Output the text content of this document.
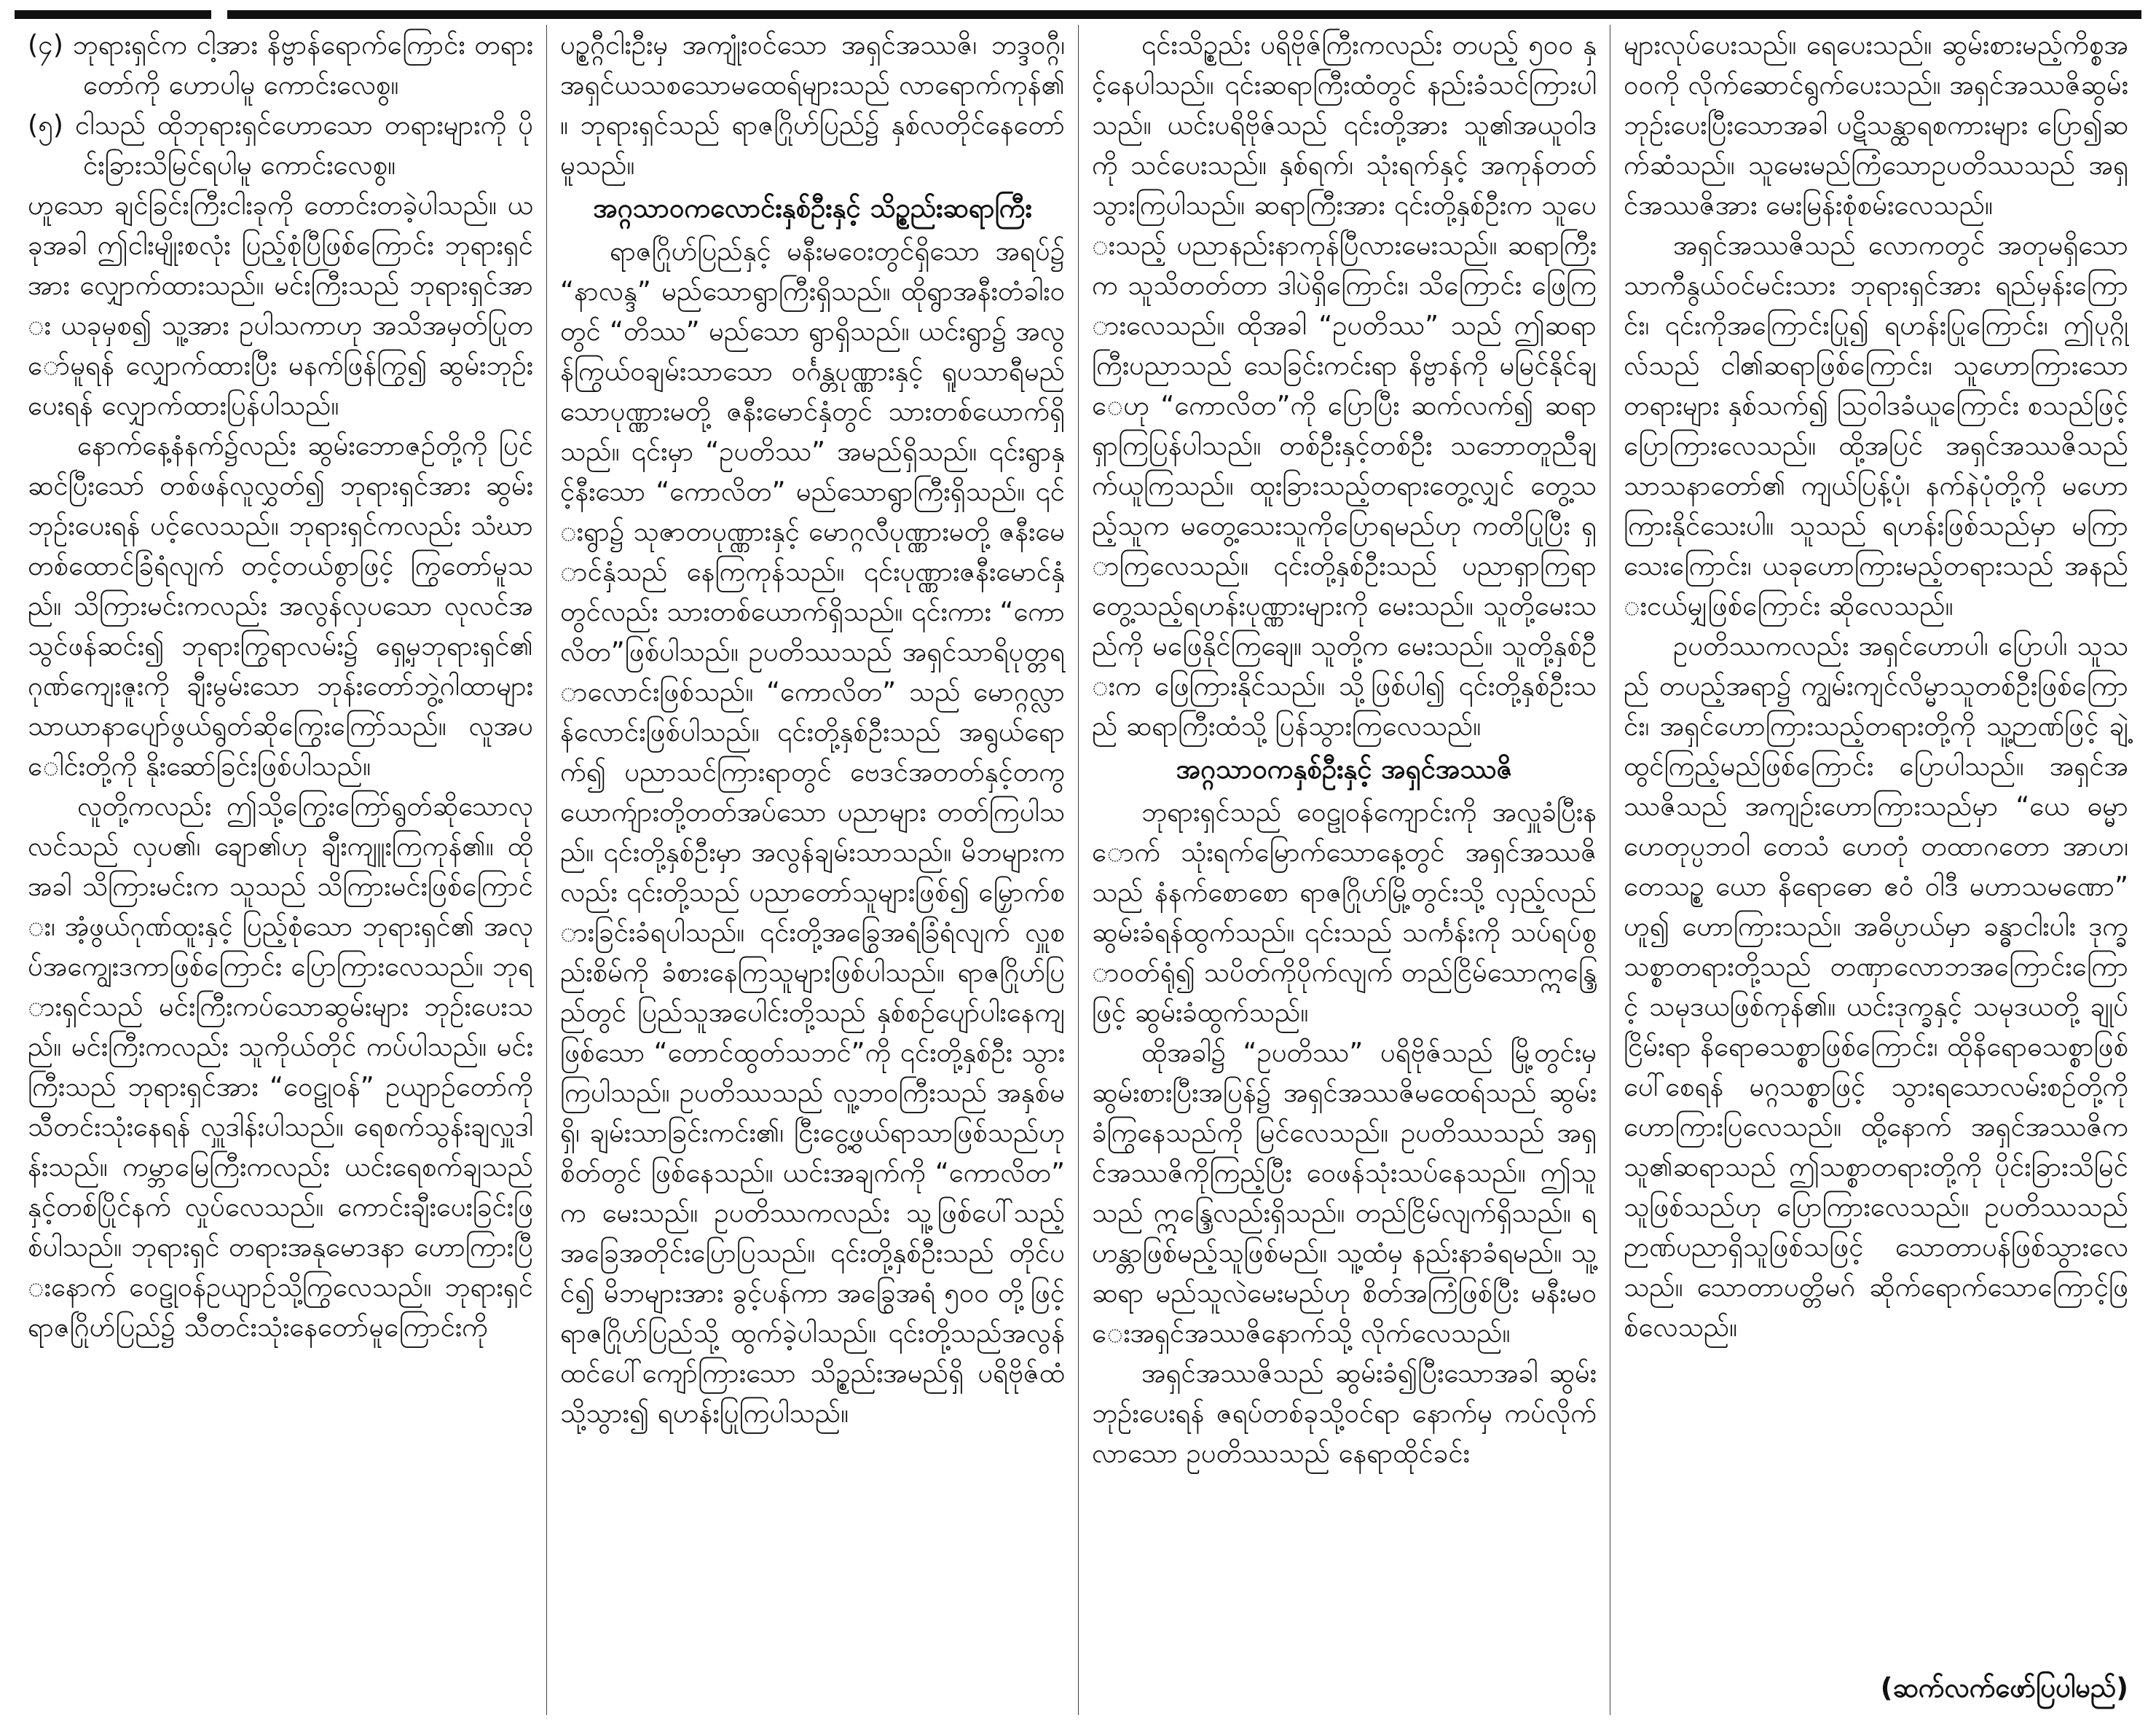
(၄) ဘုရားရှင်က ငါ့အား နိဗ္ဗာန်ရောက်ကြောင်း တရားတော်ကို ဟောပါမူ ကောင်းလေစွ။

(၅) ငါသည် ထိုဘုရားရှင်ဟောသော တရားများကို ပိုင်းခြားသိမြင်ရပါမူ ကောင်းလေစွ။

ဟူသော ချင်ခြင်းကြီးငါးခုကို တောင်းတခဲ့ပါသည်။ ယခုအခါ ဤငါးမျိုးစလုံး ပြည့်စုံပြီဖြစ်ကြောင်း ဘုရားရှင်အား လျှောက်ထားသည်။ မင်းကြီးသည် ဘုရားရှင်အား ယခုမှစ၍ သူ့အား ဥပါသကာဟု အသိအမှတ်ပြုတော်မူရန် လျှောက်ထားပြီး မနက်ဖြန်ကြွ၍ ဆွမ်းဘုဉ်းပေးရန် လျှောက်ထားပြန်ပါသည်။

နောက်နေ့နံနက်၌လည်း ဆွမ်းဘောဇဉ်တို့ကို ပြင်ဆင်ပြီးသော် တစ်ဖန်လူလွှတ်၍ ဘုရားရှင်အား ဆွမ်းဘုဉ်းပေးရန် ပင့်လေသည်။ ဘုရားရှင်ကလည်း သံဃာတစ်ထောင်ခြံရံလျက် တင့်တယ်စွာဖြင့် ကြွတော်မူသည်။ သိကြားမင်းကလည်း အလွန်လှပသော လုလင်အသွင်ဖန်ဆင်း၍ ဘုရားကြွရာလမ်း၌ ရှေ့မှဘုရားရှင်၏ ဂုဏ်ကျေးဇူးကို ချီးမွမ်းသော ဘုန်းတော်ဘွဲ့ဂါထာများ သာယာနာပျော်ဖွယ်ရွတ်ဆိုကြွေးကြော်သည်။ လူအပေါင်းတို့ကို နိုးဆော်ခြင်းဖြစ်ပါသည်။

လူတို့ကလည်း ဤသို့ကြွေးကြော်ရွတ်ဆိုသောလုလင်သည် လှပ၏၊ ချော၏ဟု ချီးကျူးကြကုန်၏။ ထိုအခါ သိကြားမင်းက သူသည် သိကြားမင်းဖြစ်ကြောင်း၊ အံ့ဖွယ်ဂုဏ်ထူးနှင့် ပြည့်စုံသော ဘုရားရှင်၏ အလုပ်အကျွေးဒကာဖြစ်ကြောင်း ပြောကြားလေသည်။ ဘုရားရှင်သည် မင်းကြီးကပ်သောဆွမ်းများ ဘုဉ်းပေးသည်။ မင်းကြီးကလည်း သူကိုယ်တိုင် ကပ်ပါသည်။ မင်းကြီးသည် ဘုရားရှင်အား “ဝေဠုဝန်” ဥယျာဉ်တော်ကို သီတင်းသုံးနေရန် လှူဒါန်းပါသည်။ ရေစက်သွန်းချလှူဒါန်းသည်။ ကမ္ဘာမြေကြီးကလည်း ယင်းရေစက်ချသည်နှင့်တစ်ပြိုင်နက် လှုပ်လေသည်။ ကောင်းချီးပေးခြင်းဖြစ်ပါသည်။ ဘုရားရှင် တရားအနုမောဒနာ ဟောကြားပြီးနောက် ဝေဠုဝန်ဥယျာဉ်သို့ကြွလေသည်။ ဘုရားရှင် ရာဇဂြိုဟ်ပြည်၌ သီတင်းသုံးနေတော်မူကြောင်းကို

ပဥ္စဂ္ဂီငါးဦးမှ အကျုံးဝင်သော အရှင်အဿဇိ၊ ဘဒ္ဒဝဂ္ဂီ၊ အရှင်ယသစသောမထေရ်များသည် လာရောက်ကုန်၏။ ဘုရားရှင်သည် ရာဇဂြိုဟ်ပြည်၌ နှစ်လတိုင်နေတော်မူသည်။

အဂ္ဂသာဝကလောင်းနှစ်ဦးနှင့် သိဉ္စည်းဆရာကြီး

ရာဇဂြိုဟ်ပြည်နှင့် မနီးမဝေးတွင်ရှိသော အရပ်၌ “နာလန္ဒ” မည်သောရွာကြီးရှိသည်။ ထိုရွာအနီးတံခါးဝတွင် “တိဿ” မည်သော ရွာရှိသည်။ ယင်းရွာ၌ အလွန်ကြွယ်ဝချမ်းသာသော ဝင်္ဂန္တပုဏ္ဏားနှင့် ရူပသာရီမည်သောပုဏ္ဏားမတို့ ဇနီးမောင်နှံတွင် သားတစ်ယောက်ရှိသည်။ ၎င်းမှာ “ဥပတိဿ” အမည်ရှိသည်။ ၎င်းရွာနှင့်နီးသော “ကောလိတ” မည်သောရွာကြီးရှိသည်။ ၎င်းရွာ၌ သုဇာတပုဏ္ဏားနှင့် မောဂ္ဂလီပုဏ္ဏားမတို့ ဇနီးမောင်နှံသည် နေကြကုန်သည်။ ၎င်းပုဏ္ဏားဇနီးမောင်နှံတွင်လည်း သားတစ်ယောက်ရှိသည်။ ၎င်းကား “ကောလိတ”ဖြစ်ပါသည်။ ဥပတိဿသည် အရှင်သာရိပုတ္တရာလောင်းဖြစ်သည်။ “ကောလိတ” သည် မောဂ္ဂလ္လာန်လောင်းဖြစ်ပါသည်။ ၎င်းတို့နှစ်ဦးသည် အရွယ်ရောက်၍ ပညာသင်ကြားရာတွင် ဗေဒင်အတတ်နှင့်တကွ ယောက်ျားတို့တတ်အပ်သော ပညာများ တတ်ကြပါသည်။ ၎င်းတို့နှစ်ဦးမှာ အလွန်ချမ်းသာသည်။ မိဘများကလည်း ၎င်းတို့သည် ပညာတော်သူများဖြစ်၍ မြှောက်စားခြင်းခံရပါသည်။ ၎င်းတို့အခြွေအရံခြံရံလျက် လှူစည်းစိမ်ကို ခံစားနေကြသူများဖြစ်ပါသည်။ ရာဇဂြိုဟ်ပြည်တွင် ပြည်သူအပေါင်းတို့သည် နှစ်စဉ်ပျော်ပါးနေကျဖြစ်သော “တောင်ထွတ်သဘင်”ကို ၎င်းတို့နှစ်ဦး သွားကြပါသည်။ ဥပတိဿသည် လူ့ဘဝကြီးသည် အနှစ်မရှိ၊ ချမ်းသာခြင်းကင်း၏၊ ငြီးငွေ့ဖွယ်ရာသာဖြစ်သည်ဟု စိတ်တွင် ဖြစ်နေသည်။ ယင်းအချက်ကို “ကောလိတ” က မေးသည်။ ဥပတိဿကလည်း သူ့ဖြစ်ပေါ်သည့် အခြေအတိုင်းပြောပြသည်။ ၎င်းတို့နှစ်ဦးသည် တိုင်ပင်၍ မိဘများအား ခွင့်ပန်ကာ အခြွေအရံ ၅၀၀ တို့ဖြင့် ရာဇဂြိုဟ်ပြည်သို့ ထွက်ခဲ့ပါသည်။ ၎င်းတို့သည်အလွန်ထင်ပေါ်ကျော်ကြားသော သိဉ္စည်းအမည်ရှိ ပရိဗိုဇ်ထံသို့သွား၍ ရဟန်းပြုကြပါသည်။

၎င်းသိဉ္စည်း ပရိဗိုဇ်ကြီးကလည်း တပည့် ၅၀၀ နှင့်နေပါသည်။ ၎င်းဆရာကြီးထံတွင် နည်းခံသင်ကြားပါသည်။ ယင်းပရိဗိုဇ်သည် ၎င်းတို့အား သူ၏အယူဝါဒကို သင်ပေးသည်။ နှစ်ရက်၊ သုံးရက်နှင့် အကုန်တတ်သွားကြပါသည်။ ဆရာကြီးအား ၎င်းတို့နှစ်ဦးက သူပေးသည့် ပညာနည်းနာကုန်ပြီလားမေးသည်။ ဆရာကြီးက သူသိတတ်တာ ဒါပဲရှိကြောင်း၊ သိကြောင်း ဖြေကြားလေသည်။ ထိုအခါ “ဥပတိဿ” သည် ဤဆရာကြီးပညာသည် သေခြင်းကင်းရာ နိဗ္ဗာန်ကို မမြင်နိုင်ချေဟု “ကောလိတ”ကို ပြောပြီး ဆက်လက်၍ ဆရာရှာကြပြန်ပါသည်။ တစ်ဦးနှင့်တစ်ဦး သဘောတူညီချက်ယူကြသည်။ ထူးခြားသည့်တရားတွေ့လျှင် တွေ့သည့်သူက မတွေ့သေးသူကိုပြောရမည်ဟု ကတိပြုပြီး ရှာကြလေသည်။ ၎င်းတို့နှစ်ဦးသည် ပညာရှာကြရာ တွေ့သည့်ရဟန်းပုဏ္ဏားများကို မေးသည်။ သူတို့မေးသည်ကို မဖြေနိုင်ကြချေ။ သူတို့က မေးသည်။ သူတို့နှစ်ဦးက ဖြေကြားနိုင်သည်။ သို့ဖြစ်ပါ၍ ၎င်းတို့နှစ်ဦးသည် ဆရာကြီးထံသို့ ပြန်သွားကြလေသည်။

အဂ္ဂသာဝကနှစ်ဦးနှင့် အရှင်အဿဇိ

ဘုရားရှင်သည် ဝေဠုဝန်ကျောင်းကို အလှူခံပြီးနောက် သုံးရက်မြောက်သောနေ့တွင် အရှင်အဿဇိသည် နံနက်စောစော ရာဇဂြိုဟ်မြို့တွင်းသို့ လှည့်လည်ဆွမ်းခံရန်ထွက်သည်။ ၎င်းသည် သင်္ကန်းကို သပ်ရပ်စွာဝတ်ရုံ၍ သပိတ်ကိုပိုက်လျက် တည်ငြိမ်သောဣန္ဒြေဖြင့် ဆွမ်းခံထွက်သည်။

ထိုအခါ၌ “ဥပတိဿ” ပရိဗိုဇ်သည် မြို့တွင်းမှ ဆွမ်းစားပြီးအပြန်၌ အရှင်အဿဇိမထေရ်သည် ဆွမ်းခံကြွနေသည်ကို မြင်လေသည်။ ဥပတိဿသည် အရှင်အဿဇိကိုကြည့်ပြီး ဝေဖန်သုံးသပ်နေသည်။ ဤသူသည် ဣန္ဒြေလည်းရှိသည်။ တည်ငြိမ်လျက်ရှိသည်။ ရဟန္တာဖြစ်မည့်သူဖြစ်မည်။ သူ့ထံမှ နည်းနာခံရမည်။ သူ့ဆရာ မည်သူလဲမေးမည်ဟု စိတ်အကြံဖြစ်ပြီး မနီးမဝေးအရှင်အဿဇိနောက်သို့ လိုက်လေသည်။

အရှင်အဿဇိသည် ဆွမ်းခံ၍ပြီးသောအခါ ဆွမ်းဘုဉ်းပေးရန် ဇရပ်တစ်ခုသို့ဝင်ရာ နောက်မှ ကပ်လိုက်လာသော ဥပတိဿသည် နေရာထိုင်ခင်း

များလုပ်ပေးသည်။ ရေပေးသည်။ ဆွမ်းစားမည့်ကိစ္စအဝဝကို လိုက်ဆောင်ရွက်ပေးသည်။ အရှင်အဿဇိဆွမ်းဘုဉ်းပေးပြီးသောအခါ ပဋိသန္ထာရစကားများ ပြော၍ဆက်ဆံသည်။ သူမေးမည်ကြံသောဥပတိဿသည် အရှင်အဿဇိအား မေးမြန်းစုံစမ်းလေသည်။

အရှင်အဿဇိသည် လောကတွင် အတုမရှိသော သာကီနွယ်ဝင်မင်းသား ဘုရားရှင်အား ရည်မှန်းကြောင်း၊ ၎င်းကိုအကြောင်းပြု၍ ရဟန်းပြုကြောင်း၊ ဤပုဂ္ဂိုလ်သည် ငါ၏ဆရာဖြစ်ကြောင်း၊ သူဟောကြားသောတရားများ နှစ်သက်၍ ဩဝါဒခံယူကြောင်း စသည်ဖြင့် ပြောကြားလေသည်။ ထို့အပြင် အရှင်အဿဇိသည် သာသနာတော်၏ ကျယ်ပြန့်ပုံ၊ နက်နဲပုံတို့ကို မဟောကြားနိုင်သေးပါ။ သူသည် ရဟန်းဖြစ်သည်မှာ မကြာသေးကြောင်း၊ ယခုဟောကြားမည့်တရားသည် အနည်းငယ်မျှဖြစ်ကြောင်း ဆိုလေသည်။

ဥပတိဿကလည်း အရှင်ဟောပါ၊ ပြောပါ၊ သူသည် တပည့်အရာ၌ ကျွမ်းကျင်လိမ္မာသူတစ်ဦးဖြစ်ကြောင်း၊ အရှင်ဟောကြားသည့်တရားတို့ကို သူ့ဉာဏ်ဖြင့် ချဲ့ထွင်ကြည့်မည်ဖြစ်ကြောင်း ပြောပါသည်။ အရှင်အဿဇိသည် အကျဉ်းဟောကြားသည်မှာ “ယေ ဓမ္မာ ဟေတုပ္ပဘဝါ တေသံ ဟေတုံ တထာဂတော အာဟ၊ တေသဉ္စ ယော နိရောဓော ဧဝံ ဝါဒီ မဟာသမဏော” ဟူ၍ ဟောကြားသည်။ အဓိပ္ပာယ်မှာ ခန္ဓာငါးပါး ဒုက္ခသစ္စာတရားတို့သည် တဏှာလောဘအကြောင်းကြောင့် သမုဒယဖြစ်ကုန်၏။ ယင်းဒုက္ခနှင့် သမုဒယတို့ ချုပ်ငြိမ်းရာ နိရောဓသစ္စာဖြစ်ကြောင်း၊ ထိုနိရောဓသစ္စာဖြစ်ပေါ်စေရန် မဂ္ဂသစ္စာဖြင့် သွားရသောလမ်းစဉ်တို့ကို ဟောကြားပြလေသည်။ ထို့နောက် အရှင်အဿဇိက သူ၏ဆရာသည် ဤသစ္စာတရားတို့ကို ပိုင်းခြားသိမြင်သူဖြစ်သည်ဟု ပြောကြားလေသည်။ ဥပတိဿသည် ဉာဏ်ပညာရှိသူဖြစ်သဖြင့် သောတာပန်ဖြစ်သွားလေသည်။ သောတာပတ္တိမဂ် ဆိုက်ရောက်သောကြောင့်ဖြစ်လေသည်။

(ဆက်လက်ဖော်ပြပါမည်)
